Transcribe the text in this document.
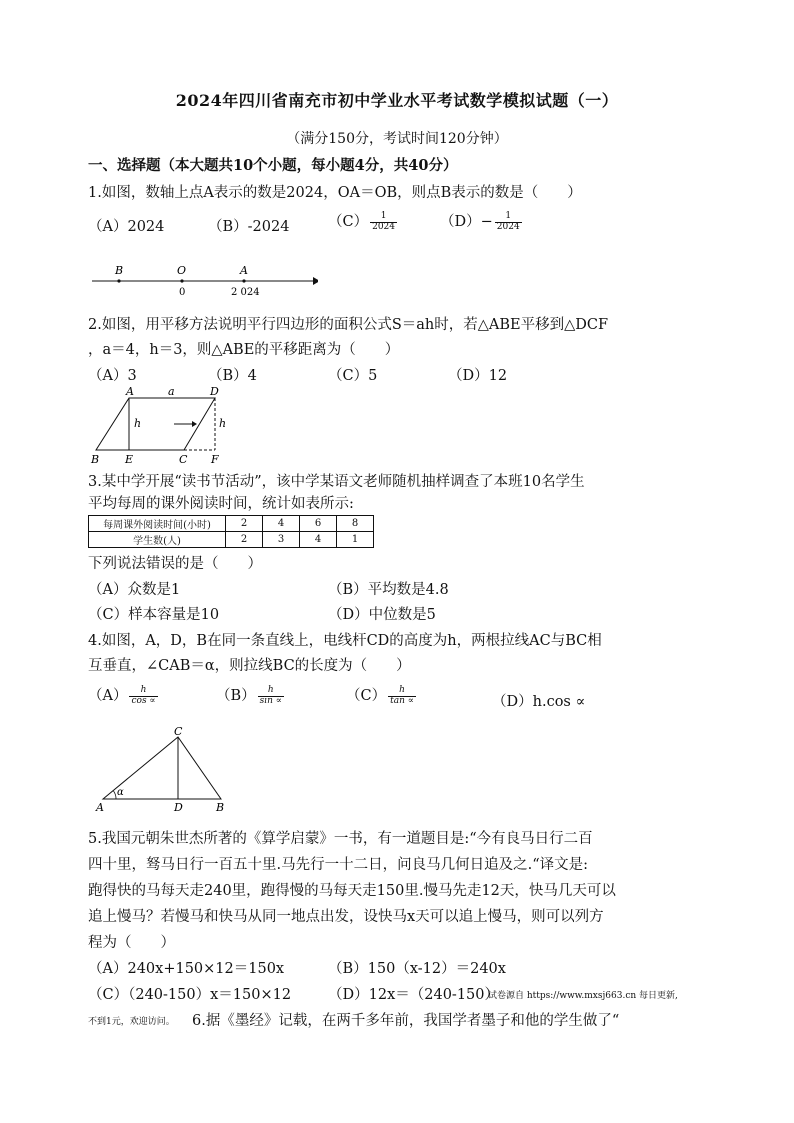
2024年四川省南充市初中学业水平考试数学模拟试题（一）
（满分150分，考试时间120分钟）
一、选择题（本大题共10个小题，每小题4分，共40分）
1.如图，数轴上点A表示的数是2024，OA＝OB，则点B表示的数是（　　）
（A）2024	（B）-2024	$(C) \frac{1}{2024}$	$(D)- \frac{1}{2024}$
B	O	A
0	2 024
2.如图，用平移方法说明平行四边形的面积公式S＝ah时，若△ABE平移到△DCF
，a＝4，h＝3，则△ABE的平移距离为（　　）
（A）3	（B）4	（C）5	（D）12
A	a	D
h	h
B E	C F
3.某中学开展“读书节活动”，该中学某语文老师随机抽样调查了本班10名学生
平均每周的课外阅读时间，统计如表所示:
每周课外阅读时间(小时)	2	4	6	8
学生数(人)	2	3	4	1
下列说法错误的是（　　）
（A）众数是1	（B）平均数是4.8
（C）样本容量是10	（D）中位数是5
4.如图，A，D，B在同一条直线上，电线杆CD的高度为h，两根拉线AC与BC相
互垂直，∠CAB＝α，则拉线BC的长度为（　　）
$(A) \frac{h}{\cos \propto}$	$(B) \frac{h}{\sin \propto}$	$(C) \frac{h}{\tan \propto}$	（D）h.cos ∝
C
A
α
D	B
5.我国元朝朱世杰所著的《算学启蒙》一书，有一道题目是:“今有良马日行二百
四十里，驽马日行一百五十里.马先行一十二日，问良马几何日追及之.“译文是:
跑得快的马每天走240里，跑得慢的马每天走150里.慢马先走12天，快马几天可以
追上慢马？若慢马和快马从同一地点出发，设快马x天可以追上慢马，则可以列方
程为（　　）
（A）240x+150×12＝150x	（B）150（x-12）＝240x
（C）（240-150）x＝150×12	（D）12x＝（240-150）
试卷源自 https://www.mxsj663.cn 每日更新,
不到1元，欢迎访问。 6.据《墨经》记载，在两千多年前，我国学者墨子和他的学生做了“
